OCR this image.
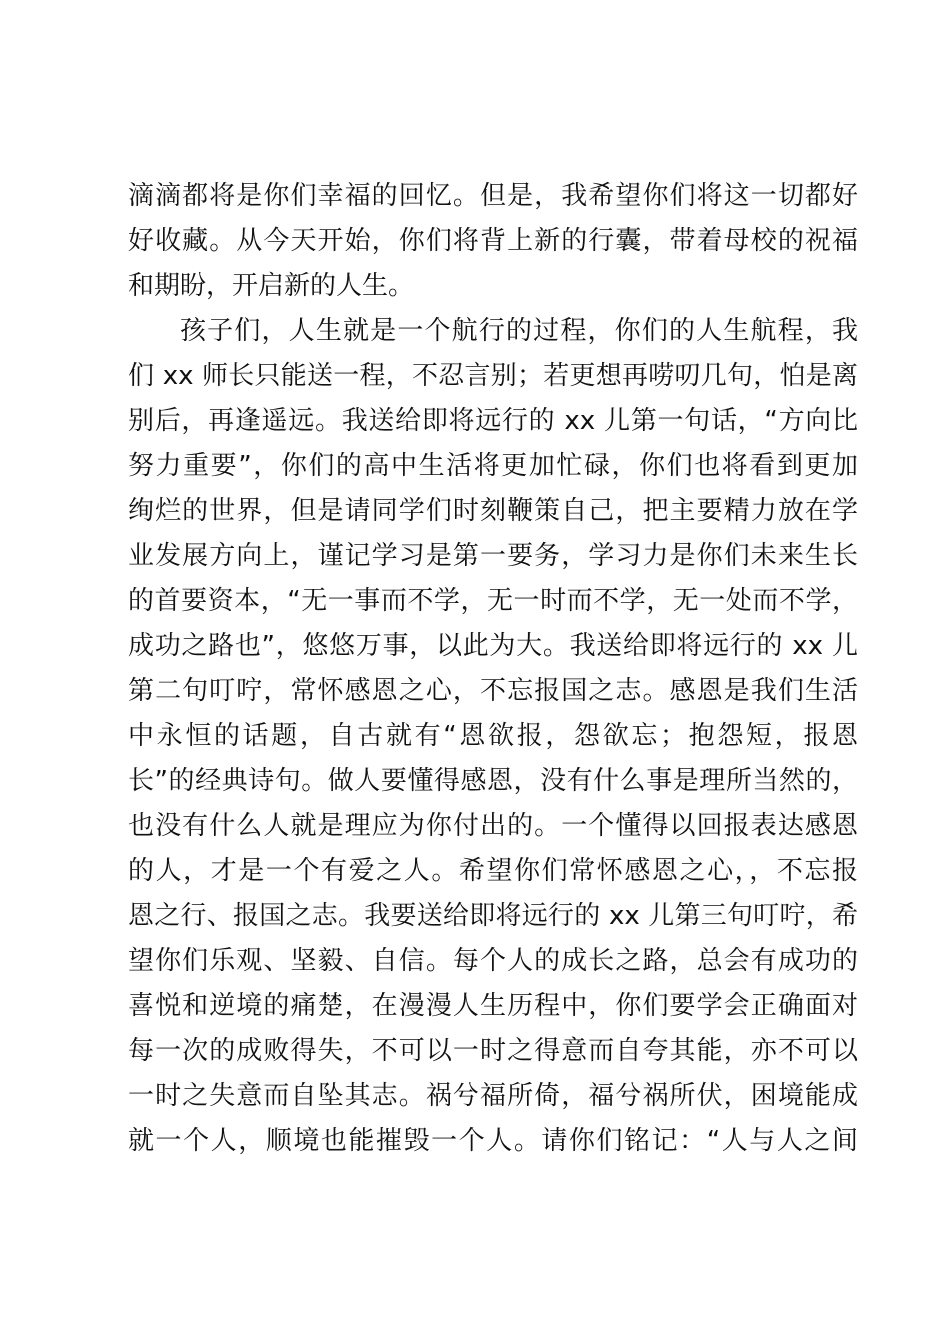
滴滴都将是你们幸福的回忆。但是，我希望你们将这一切都好
好收藏。从今天开始，你们将背上新的行囊，带着母校的祝福
和期盼，开启新的人生。
孩子们，人生就是一个航行的过程，你们的人生航程，我
们 xx 师长只能送一程，不忍言别；若更想再唠叨几句，怕是离
别后，再逢遥远。我送给即将远行的 xx 儿第一句话，“方向比
努力重要”，你们的高中生活将更加忙碌，你们也将看到更加
绚烂的世界，但是请同学们时刻鞭策自己，把主要精力放在学
业发展方向上，谨记学习是第一要务，学习力是你们未来生长
的首要资本，“无一事而不学，无一时而不学，无一处而不学，
成功之路也”，悠悠万事，以此为大。我送给即将远行的 xx 儿
第二句叮咛，常怀感恩之心，不忘报国之志。感恩是我们生活
中永恒的话题，自古就有“恩欲报，怨欲忘；抱怨短，报恩
长”的经典诗句。做人要懂得感恩，没有什么事是理所当然的，
也没有什么人就是理应为你付出的。一个懂得以回报表达感恩
的人，才是一个有爱之人。希望你们常怀感恩之心，，不忘报
恩之行、报国之志。我要送给即将远行的 xx 儿第三句叮咛，希
望你们乐观、坚毅、自信。每个人的成长之路，总会有成功的
喜悦和逆境的痛楚，在漫漫人生历程中，你们要学会正确面对
每一次的成败得失，不可以一时之得意而自夸其能，亦不可以
一时之失意而自坠其志。祸兮福所倚，福兮祸所伏，困境能成
就一个人，顺境也能摧毁一个人。请你们铭记：“人与人之间
